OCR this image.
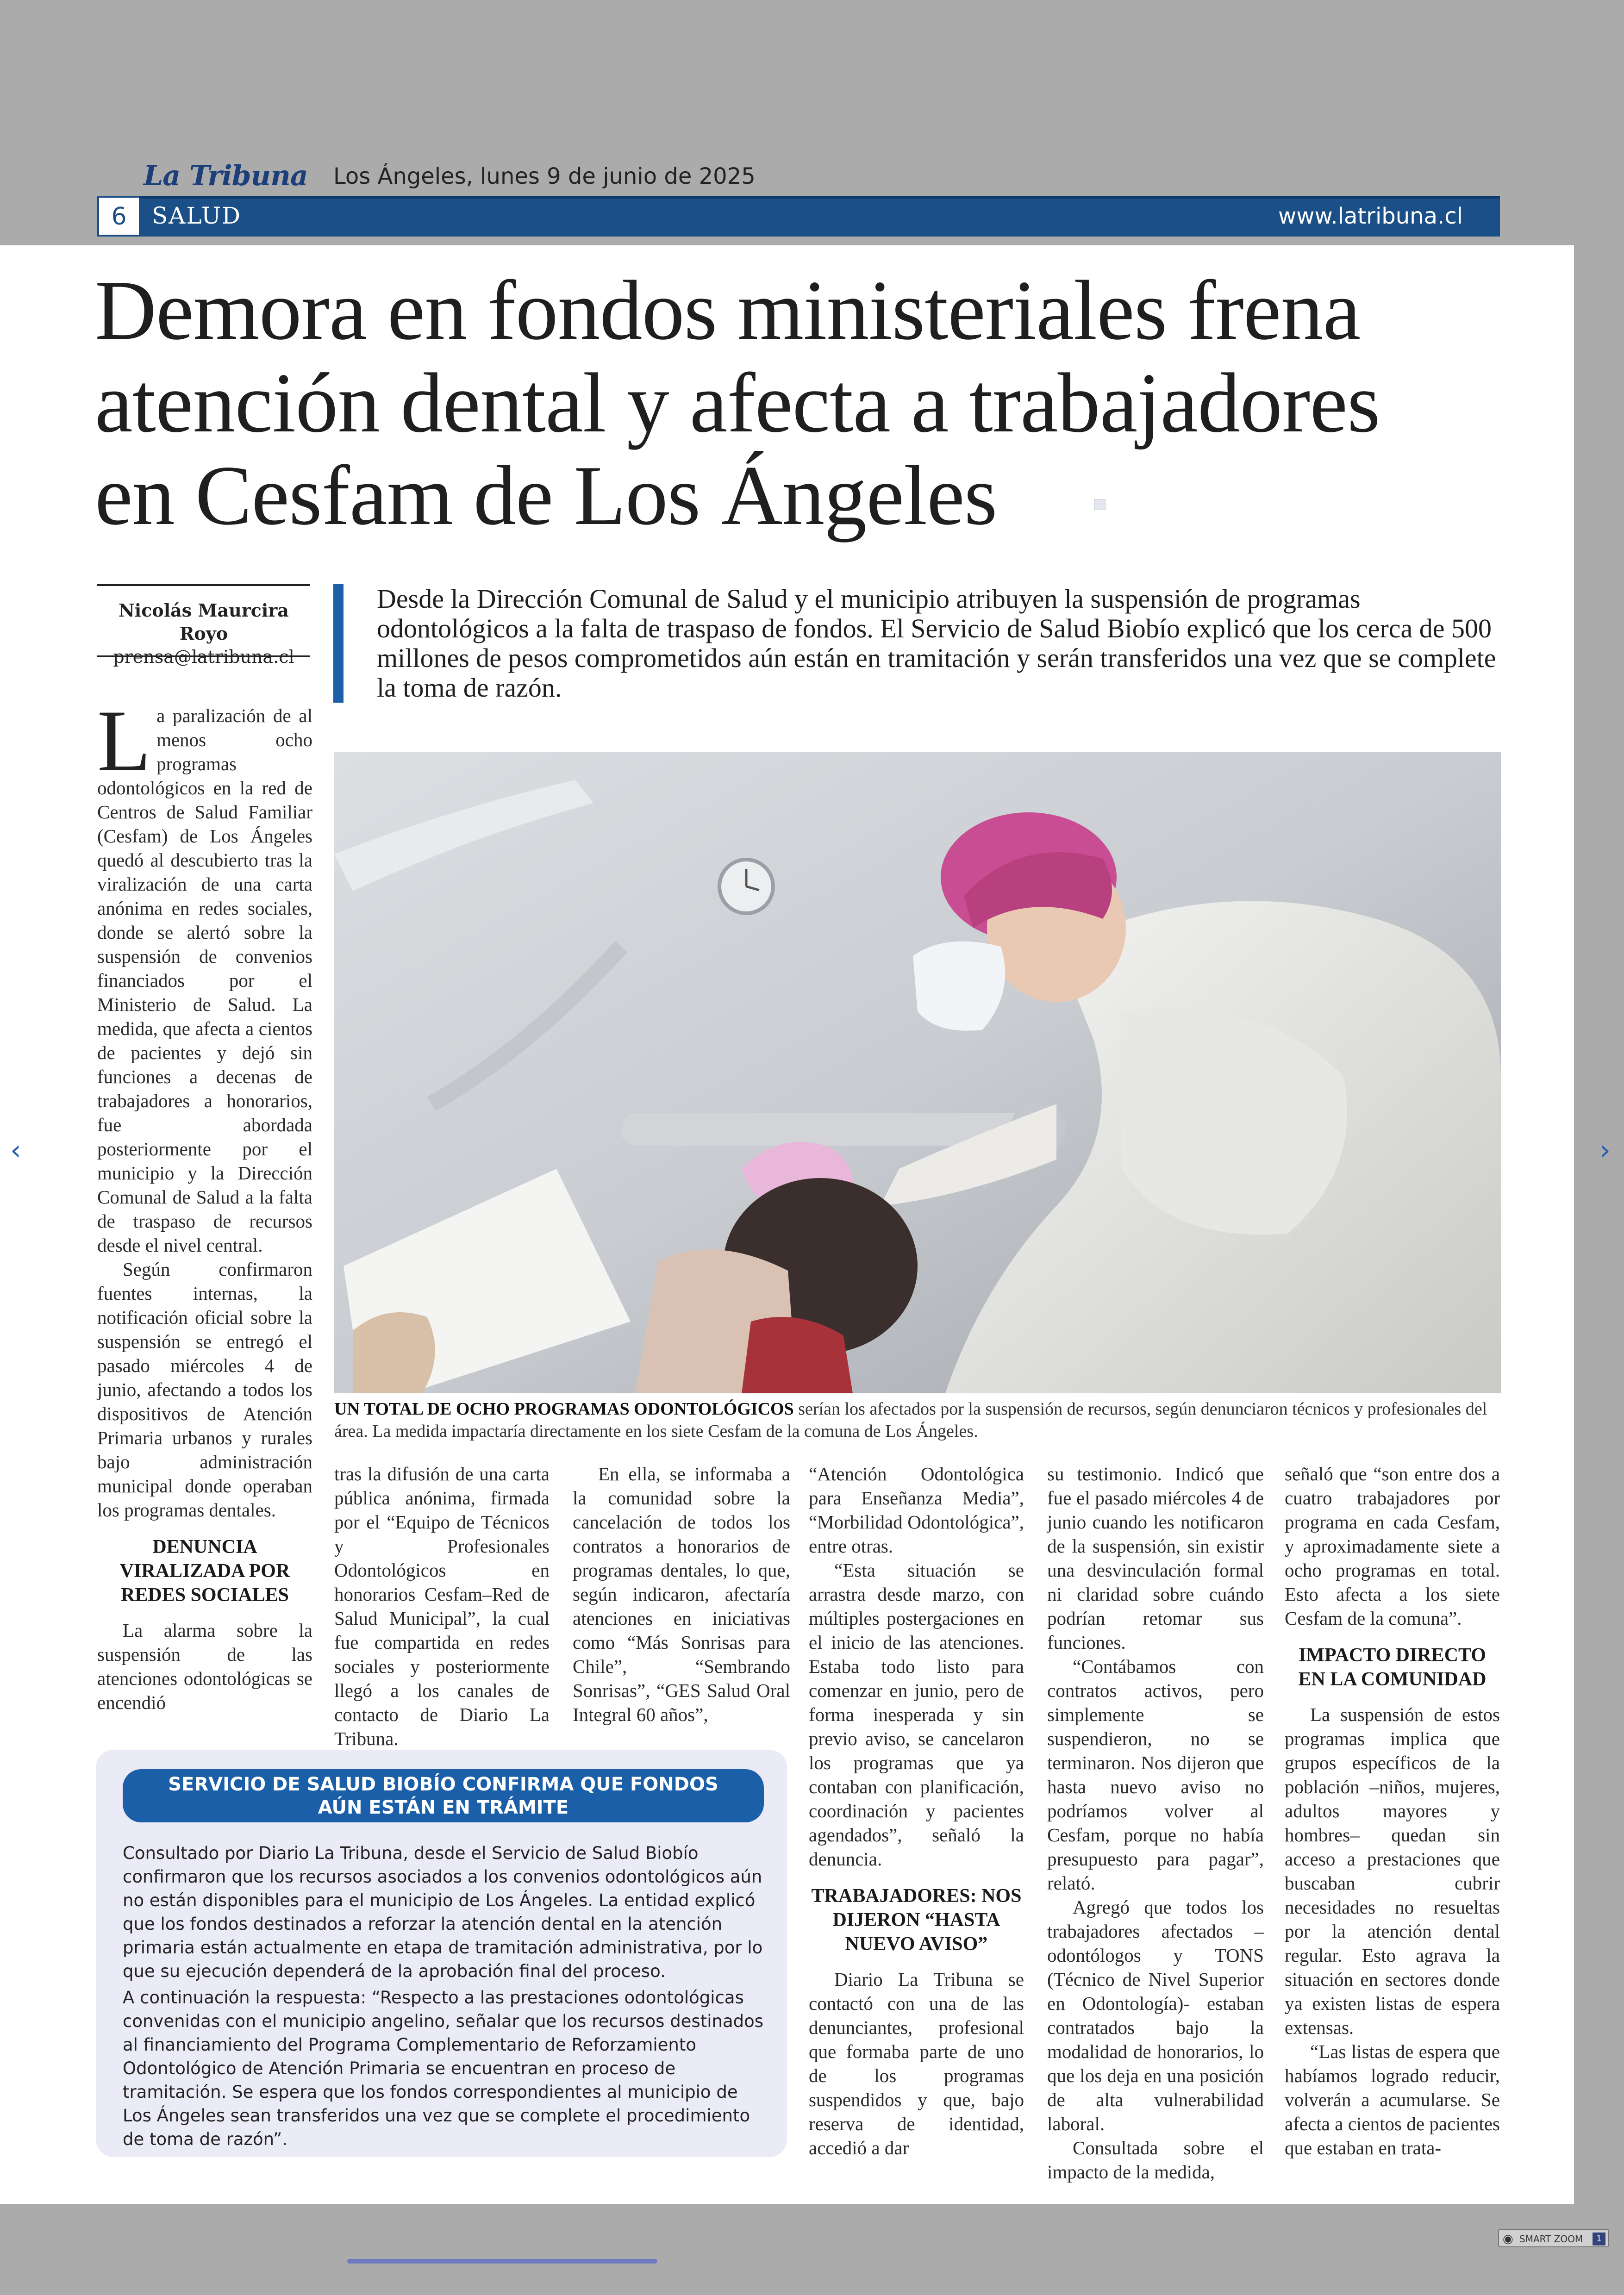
La Tribuna Los Ángeles, lunes 9 de junio de 2025
6	SALUD	www.latribuna.cl
Demora en fondos ministeriales frena
atención dental y afecta a trabajadores
en Cesfam de Los Ángeles
Nicolás Maurcira Royo
prensa@latribuna.cl
Desde la Dirección Comunal de Salud y el municipio atribuyen la suspensión de programas odontológicos a la falta de traspaso de fondos. El Servicio de Salud Biobío explicó que los cerca de 500 millones de pesos comprometidos aún están en tramitación y serán transferidos una vez que se complete la toma de razón.
UN TOTAL DE OCHO PROGRAMAS ODONTOLÓGICOS serían los afectados por la suspensión de recursos, según denunciaron técnicos y profesionales del área. La medida impactaría directamente en los siete Cesfam de la comuna de Los Ángeles.

La paralización de al menos ocho programas odontológicos en la red de Centros de Salud Familiar (Cesfam) de Los Ángeles quedó al descubierto tras la viralización de una carta anónima en redes sociales, donde se alertó sobre la suspensión de convenios financiados por el Ministerio de Salud. La medida, que afecta a cientos de pacientes y dejó sin funciones a decenas de trabajadores a honorarios, fue abordada posteriormente por el municipio y la Dirección Comunal de Salud a la falta de traspaso de recursos desde el nivel central.

Según confirmaron fuentes internas, la notificación oficial sobre la suspensión se entregó el pasado miércoles 4 de junio, afectando a todos los dispositivos de Atención Primaria urbanos y rurales bajo administración municipal donde operaban los programas dentales.

DENUNCIA VIRALIZADA POR REDES SOCIALES

La alarma sobre la suspensión de las atenciones odontológicas se encendió

tras la difusión de una carta pública anónima, firmada por el “Equipo de Técnicos y Profesionales Odontológicos en honorarios Cesfam–Red de Salud Municipal”, la cual fue compartida en redes sociales y posteriormente llegó a los canales de contacto de Diario La Tribuna.

En ella, se informaba a la comunidad sobre la cancelación de todos los contratos a honorarios de programas dentales, lo que, según indicaron, afectaría atenciones en iniciativas como “Más Sonrisas para Chile”, “Sembrando Sonrisas”, “GES Salud Oral Integral 60 años”,

“Atención Odontológica para Enseñanza Media”, “Morbilidad Odontológica”, entre otras.

“Esta situación se arrastra desde marzo, con múltiples postergaciones en el inicio de las atenciones. Estaba todo listo para comenzar en junio, pero de forma inesperada y sin previo aviso, se cancelaron los programas que ya contaban con planificación, coordinación y pacientes agendados”, señaló la denuncia.

TRABAJADORES: NOS DIJERON “HASTA NUEVO AVISO”

Diario La Tribuna se contactó con una de las denunciantes, profesional que formaba parte de uno de los programas suspendidos y que, bajo reserva de identidad, accedió a dar

su testimonio. Indicó que fue el pasado miércoles 4 de junio cuando les notificaron de la suspensión, sin existir una desvinculación formal ni claridad sobre cuándo podrían retomar sus funciones.

“Contábamos con contratos activos, pero simplemente se suspendieron, no se terminaron. Nos dijeron que hasta nuevo aviso no podríamos volver al Cesfam, porque no había presupuesto para pagar”, relató.

Agregó que todos los trabajadores afectados –odontólogos y TONS (Técnico de Nivel Superior en Odontología)- estaban contratados bajo la modalidad de honorarios, lo que los deja en una posición de alta vulnerabilidad laboral.

Consultada sobre el impacto de la medida,

señaló que “son entre dos a cuatro trabajadores por programa en cada Cesfam, y aproximadamente siete a ocho programas en total. Esto afecta a los siete Cesfam de la comuna”.

IMPACTO DIRECTO EN LA COMUNIDAD

La suspensión de estos programas implica que grupos específicos de la población –niños, mujeres, adultos mayores y hombres– quedan sin acceso a prestaciones que buscaban cubrir necesidades no resueltas por la atención dental regular. Esto agrava la situación en sectores donde ya existen listas de espera extensas.

“Las listas de espera que habíamos logrado reducir, volverán a acumularse. Se afecta a cientos de pacientes que estaban en trata-

SERVICIO DE SALUD BIOBÍO CONFIRMA QUE FONDOS
AÚN ESTÁN EN TRÁMITE

Consultado por Diario La Tribuna, desde el Servicio de Salud Biobío confirmaron que los recursos asociados a los convenios odontológicos aún no están disponibles para el municipio de Los Ángeles. La entidad explicó que los fondos destinados a reforzar la atención dental en la atención primaria están actualmente en etapa de tramitación administrativa, por lo que su ejecución dependerá de la aprobación final del proceso.

A continuación la respuesta: “Respecto a las prestaciones odontológicas convenidas con el municipio angelino, señalar que los recursos destinados al financiamiento del Programa Complementario de Reforzamiento Odontológico de Atención Primaria se encuentran en proceso de tramitación. Se espera que los fondos correspondientes al municipio de Los Ángeles sean transferidos una vez que se complete el procedimiento de toma de razón”.

‹	›
◉ SMART ZOOM	1
